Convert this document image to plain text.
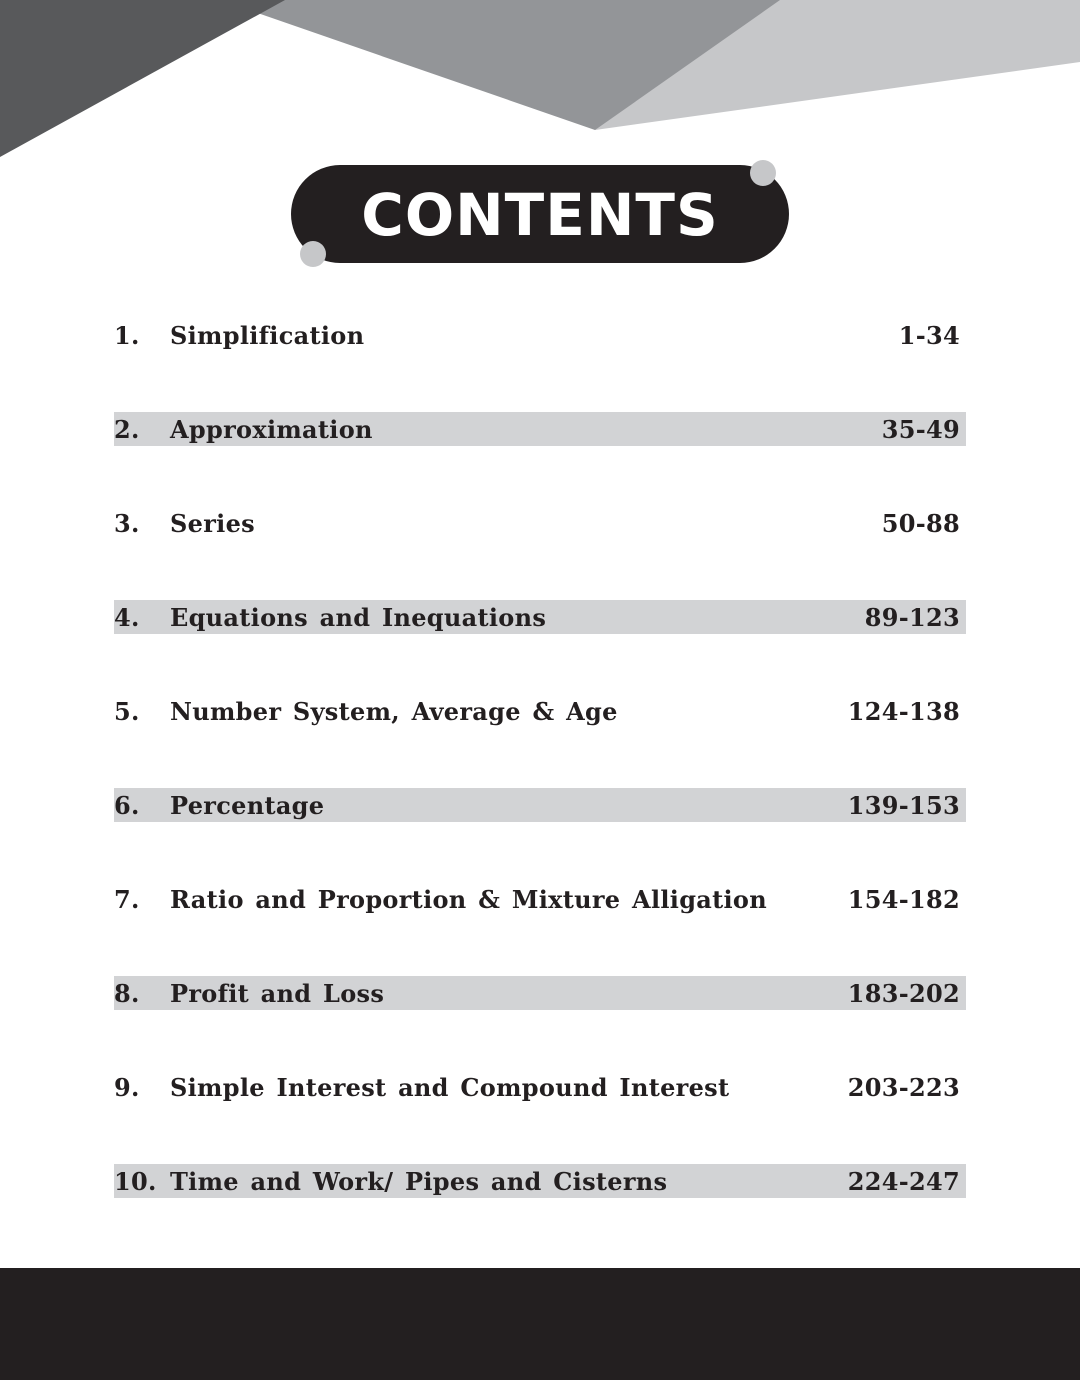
CONTENTS
1.	Simplification	1-34
2.	Approximation	35-49
3.	Series	50-88
4.	Equations and Inequations	89-123
5.	Number System, Average & Age	124-138
6.	Percentage	139-153
7.	Ratio and Proportion & Mixture Alligation	154-182
8.	Profit and Loss	183-202
9.	Simple Interest and Compound Interest	203-223
10. Time and Work/ Pipes and Cisterns	224-247
